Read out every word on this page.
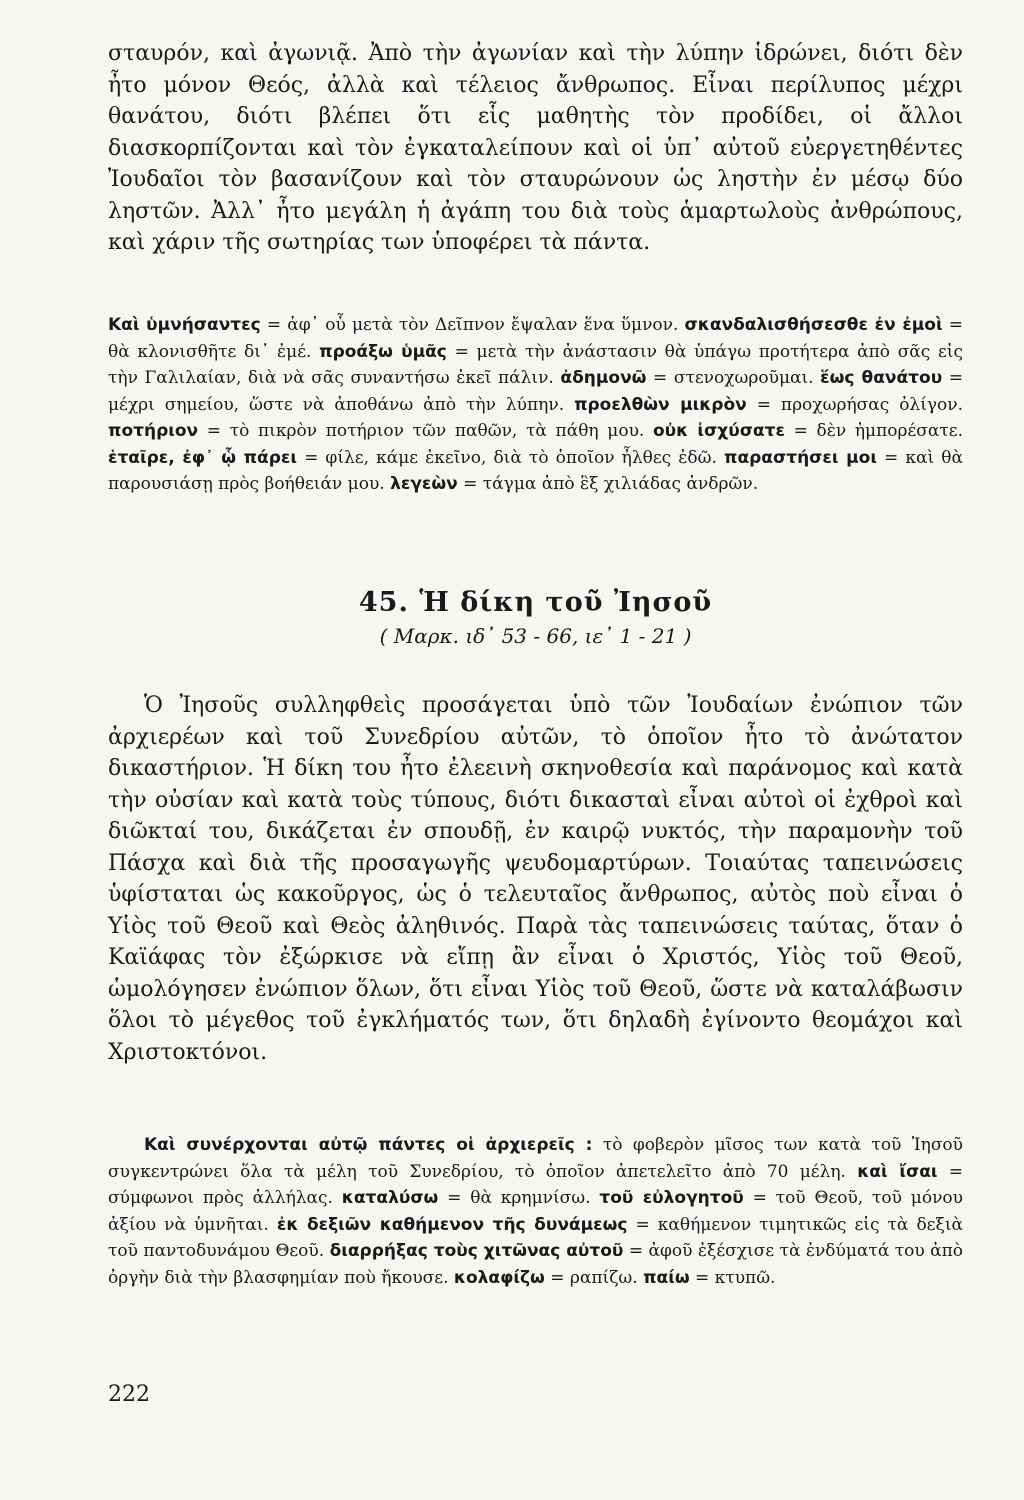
σταυρόν, καὶ ἀγωνιᾷ. Ἀπὸ τὴν ἀγωνίαν καὶ τὴν λύπην ἱδρώνει, διότι δὲν ἦτο μόνον Θεός, ἀλλὰ καὶ τέλειος ἄνθρωπος. Εἶναι περίλυπος μέχρι θανάτου, διότι βλέπει ὅτι εἷς μαθητὴς τὸν προδίδει, οἱ ἄλλοι διασκορπίζονται καὶ τὸν ἐγκαταλείπουν καὶ οἱ ὑπ᾽ αὐτοῦ εὐεργετηθέντες Ἰουδαῖοι τὸν βασανίζουν καὶ τὸν σταυρώνουν ὡς ληστὴν ἐν μέσῳ δύο ληστῶν. Ἀλλ᾽ ἦτο μεγάλη ἡ ἀγάπη του διὰ τοὺς ἁμαρτωλοὺς ἀνθρώπους, καὶ χάριν τῆς σωτηρίας των ὑποφέρει τὰ πάντα.

Καὶ ὑμνήσαντες = ἀφ᾽ οὗ μετὰ τὸν Δεῖπνον ἔψαλαν ἕνα ὕμνον. σκανδαλισθήσεσθε ἐν ἐμοὶ = θὰ κλονισθῆτε δι᾽ ἐμέ. προάξω ὑμᾶς = μετὰ τὴν ἀνάστασιν θὰ ὑπάγω προτήτερα ἀπὸ σᾶς εἰς τὴν Γαλιλαίαν, διὰ νὰ σᾶς συναντήσω ἐκεῖ πάλιν. ἀδημονῶ = στενοχωροῦμαι. ἕως θανάτου = μέχρι σημείου, ὥστε νὰ ἀποθάνω ἀπὸ τὴν λύπην. προελθὼν μικρὸν = προχωρήσας ὀλίγον. ποτήριον = τὸ πικρὸν ποτήριον τῶν παθῶν, τὰ πάθη μου. οὐκ ἰσχύσατε = δὲν ἠμπορέσατε. ἑταῖρε, ἐφ᾽ ᾧ πάρει = φίλε, κάμε ἐκεῖνο, διὰ τὸ ὁποῖον ἦλθες ἐδῶ. παραστήσει μοι = καὶ θὰ παρουσιάσῃ πρὸς βοήθειάν μου. λεγεὼν = τάγμα ἀπὸ ἓξ χιλιάδας ἀνδρῶν.
45. Ἡ δίκη τοῦ Ἰησοῦ
( Μαρκ. ιδ᾽ 53 - 66, ιε᾽ 1 - 21 )

Ὁ Ἰησοῦς συλληφθεὶς προσάγεται ὑπὸ τῶν Ἰουδαίων ἐνώπιον τῶν ἀρχιερέων καὶ τοῦ Συνεδρίου αὐτῶν, τὸ ὁποῖον ἦτο τὸ ἀνώτατον δικαστήριον. Ἡ δίκη του ἦτο ἐλεεινὴ σκηνοθεσία καὶ παράνομος καὶ κατὰ τὴν οὐσίαν καὶ κατὰ τοὺς τύπους, διότι δικασταὶ εἶναι αὐτοὶ οἱ ἐχθροὶ καὶ διῶκταί του, δικάζεται ἐν σπουδῇ, ἐν καιρῷ νυκτός, τὴν παραμονὴν τοῦ Πάσχα καὶ διὰ τῆς προσαγωγῆς ψευδομαρτύρων. Τοιαύτας ταπεινώσεις ὑφίσταται ὡς κακοῦργος, ὡς ὁ τελευταῖος ἄνθρωπος, αὐτὸς ποὺ εἶναι ὁ Υἱὸς τοῦ Θεοῦ καὶ Θεὸς ἀληθινός. Παρὰ τὰς ταπεινώσεις ταύτας, ὅταν ὁ Καϊάφας τὸν ἐξώρκισε νὰ εἴπῃ ἂν εἶναι ὁ Χριστός, Υἱὸς τοῦ Θεοῦ, ὡμολόγησεν ἐνώπιον ὅλων, ὅτι εἶναι Υἱὸς τοῦ Θεοῦ, ὥστε νὰ καταλάβωσιν ὅλοι τὸ μέγεθος τοῦ ἐγκλήματός των, ὅτι δηλαδὴ ἐγίνοντο θεομάχοι καὶ Χριστοκτόνοι.

Καὶ συνέρχονται αὐτῷ πάντες οἱ ἀρχιερεῖς : τὸ φοβερὸν μῖσος των κατὰ τοῦ Ἰησοῦ συγκεντρώνει ὅλα τὰ μέλη τοῦ Συνεδρίου, τὸ ὁποῖον ἀπετελεῖτο ἀπὸ 70 μέλη. καὶ ἴσαι = σύμφωνοι πρὸς ἀλλήλας. καταλύσω = θὰ κρημνίσω. τοῦ εὐλογητοῦ = τοῦ Θεοῦ, τοῦ μόνου ἀξίου νὰ ὑμνῆται. ἐκ δεξιῶν καθήμενον τῆς δυνάμεως = καθήμενον τιμητικῶς εἰς τὰ δεξιὰ τοῦ παντοδυνάμου Θεοῦ. διαρρήξας τοὺς χιτῶνας αὐτοῦ = ἀφοῦ ἐξέσχισε τὰ ἐνδύματά του ἀπὸ ὀργὴν διὰ τὴν βλασφημίαν ποὺ ἤκουσε. κολαφίζω = ραπίζω. παίω = κτυπῶ.
222
